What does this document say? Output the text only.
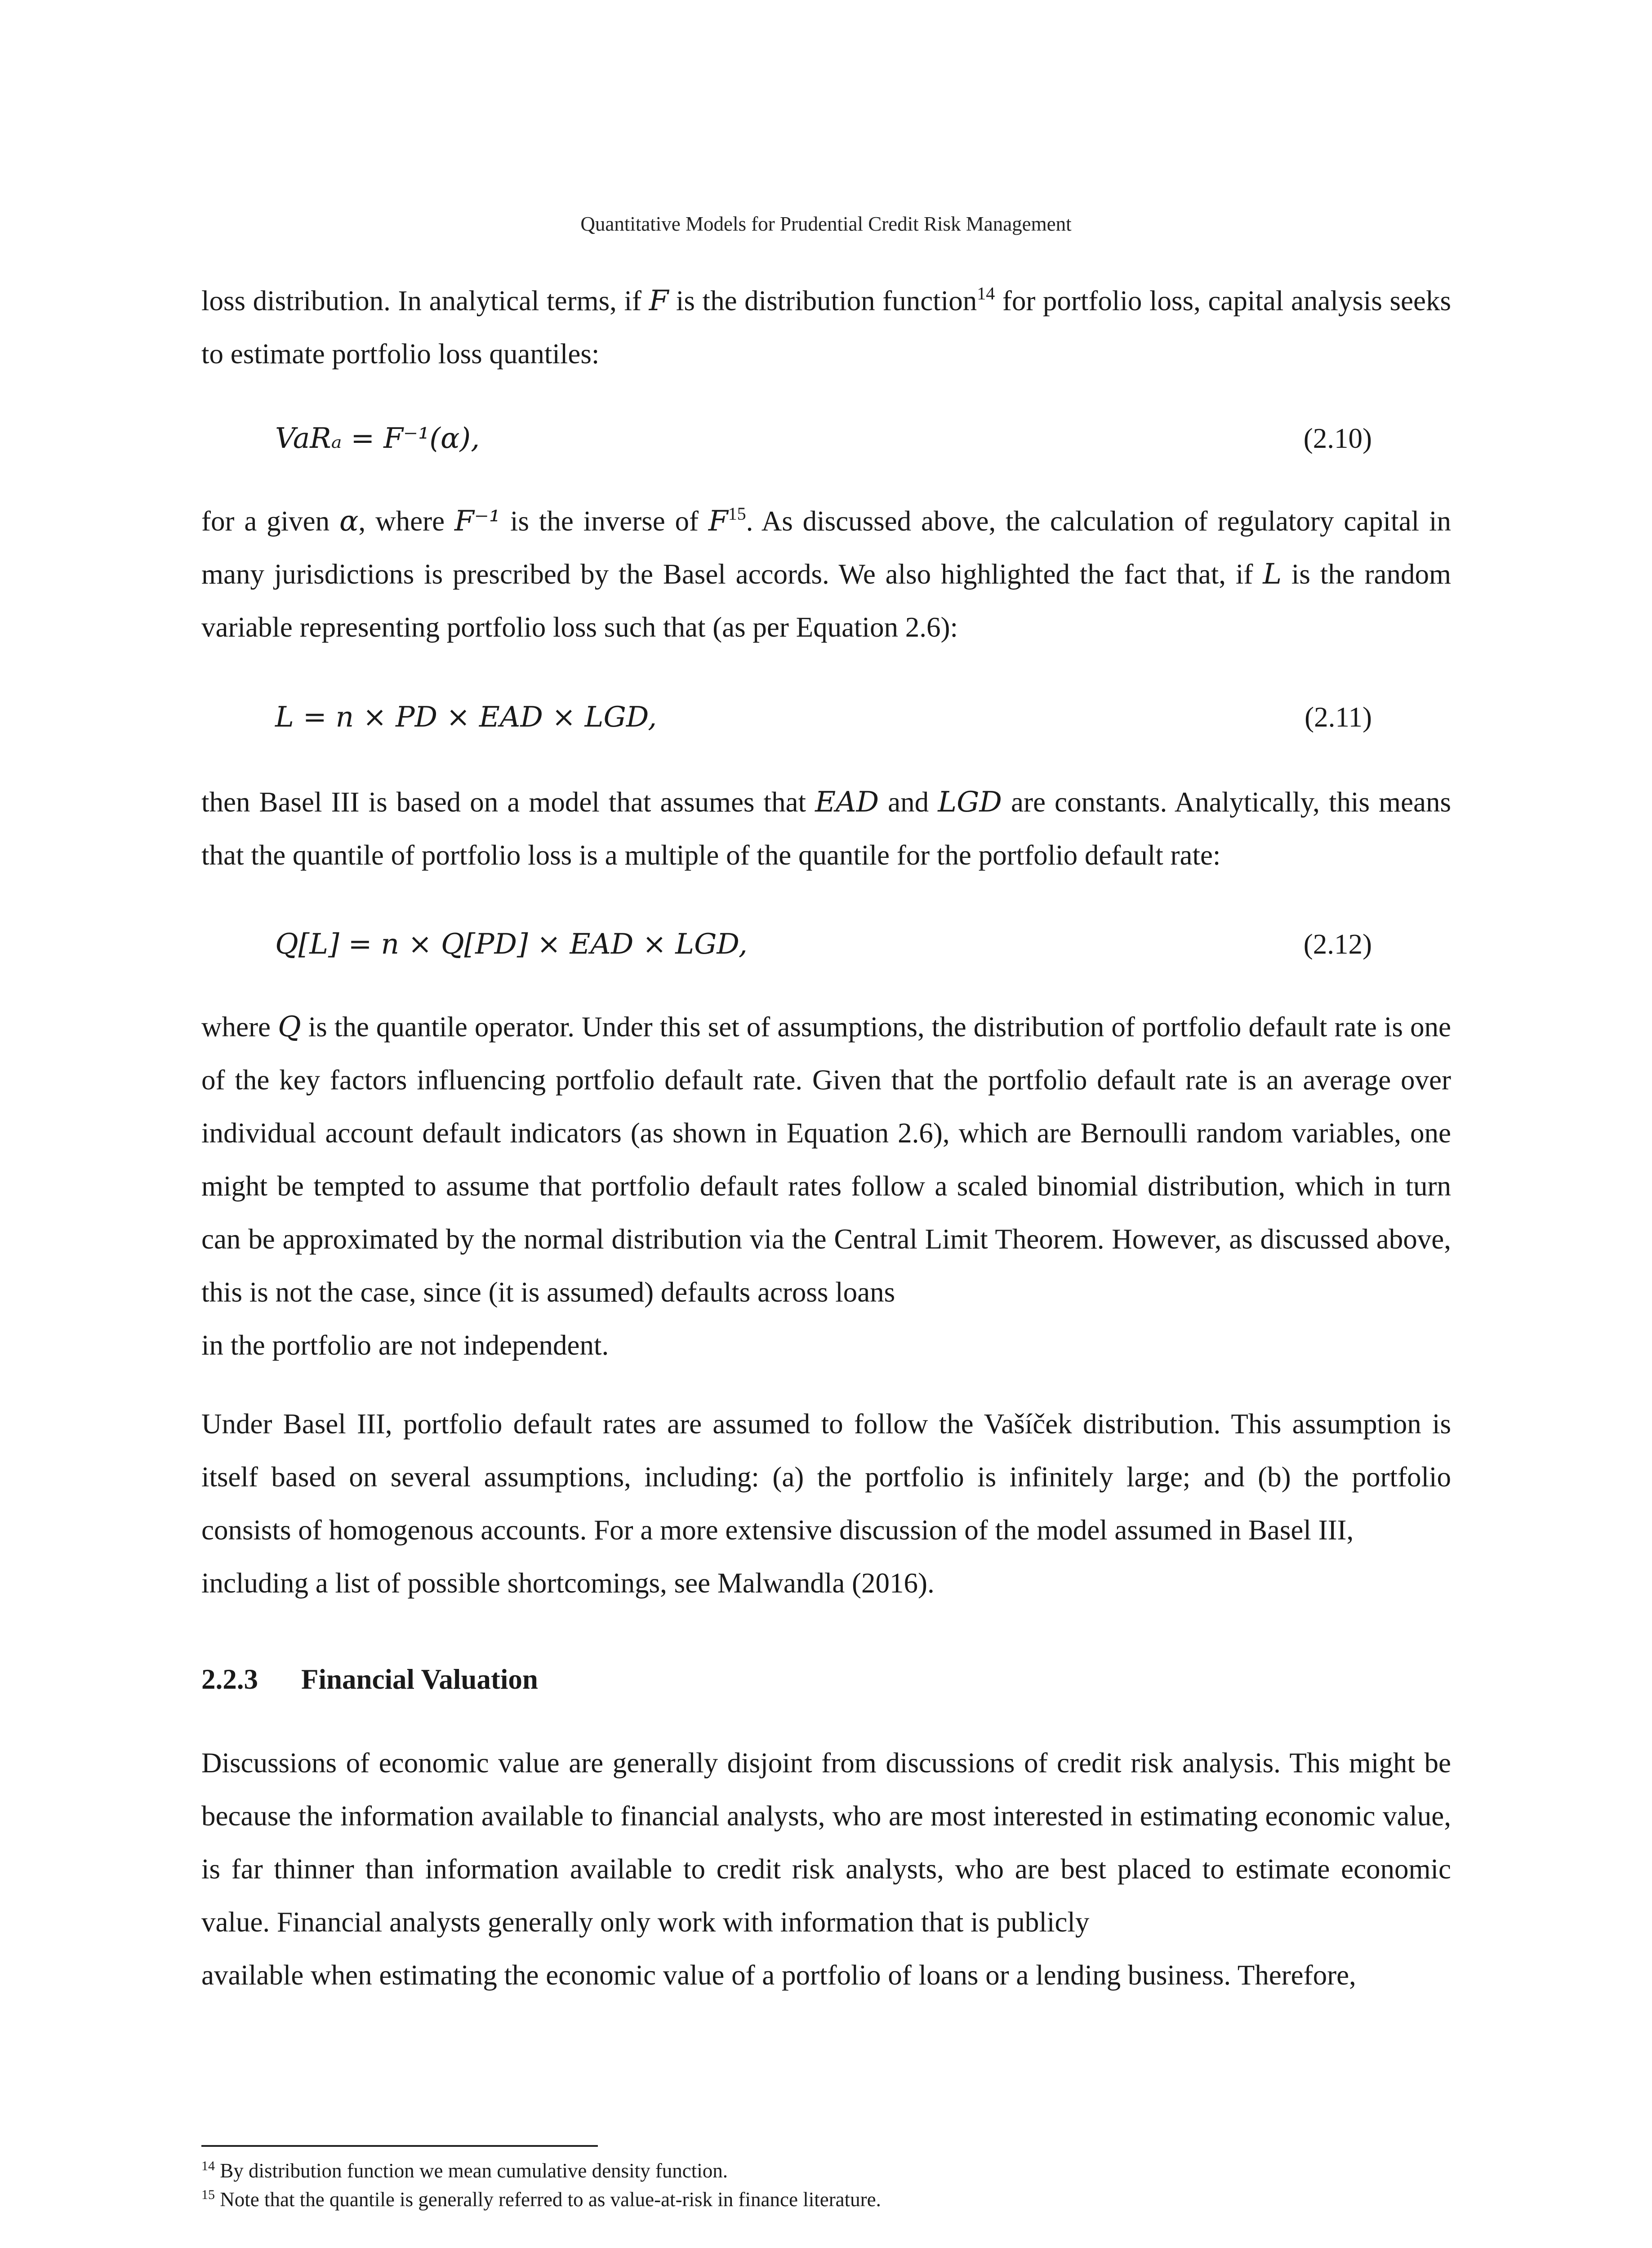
Quantitative Models for Prudential Credit Risk Management

loss distribution. In analytical terms, if F is the distribution function$^{14}$ for portfolio loss, capital analysis seeks to estimate portfolio loss quantiles:

VaRₐ = F⁻¹(α),	(2.10)

for a given α, where F⁻¹ is the inverse of F$^{15}$. As discussed above, the calculation of regulatory capital in many jurisdictions is prescribed by the Basel accords. We also highlighted the fact that, if L is the random variable representing portfolio loss such that (as per Equation 2.6):

L = n × PD × EAD × LGD,	(2.11)

then Basel III is based on a model that assumes that EAD and LGD are constants. Analytically, this means that the quantile of portfolio loss is a multiple of the quantile for the portfolio default rate:

Q[L] = n × Q[PD] × EAD × LGD,	(2.12)

where Q is the quantile operator. Under this set of assumptions, the distribution of portfolio default rate is one of the key factors influencing portfolio default rate. Given that the portfolio default rate is an average over individual account default indicators (as shown in Equation 2.6), which are Bernoulli random variables, one might be tempted to assume that portfolio default rates follow a scaled binomial distribution, which in turn can be approximated by the normal distribution via the Central Limit Theorem. However, as discussed above, this is not the case, since (it is assumed) defaults across loans
in the portfolio are not independent.

Under Basel III, portfolio default rates are assumed to follow the Vašíček distribution. This assumption is itself based on several assumptions, including: (a) the portfolio is infinitely large; and (b) the portfolio consists of homogenous accounts. For a more extensive discussion of the model assumed in Basel III,
including a list of possible shortcomings, see Malwandla (2016).

2.2.3 Financial Valuation

Discussions of economic value are generally disjoint from discussions of credit risk analysis. This might be because the information available to financial analysts, who are most interested in estimating economic value, is far thinner than information available to credit risk analysts, who are best placed to estimate economic value. Financial analysts generally only work with information that is publicly
available when estimating the economic value of a portfolio of loans or a lending business. Therefore,

$^{14}$ By distribution function we mean cumulative density function.
$^{15}$ Note that the quantile is generally referred to as value-at-risk in finance literature.
